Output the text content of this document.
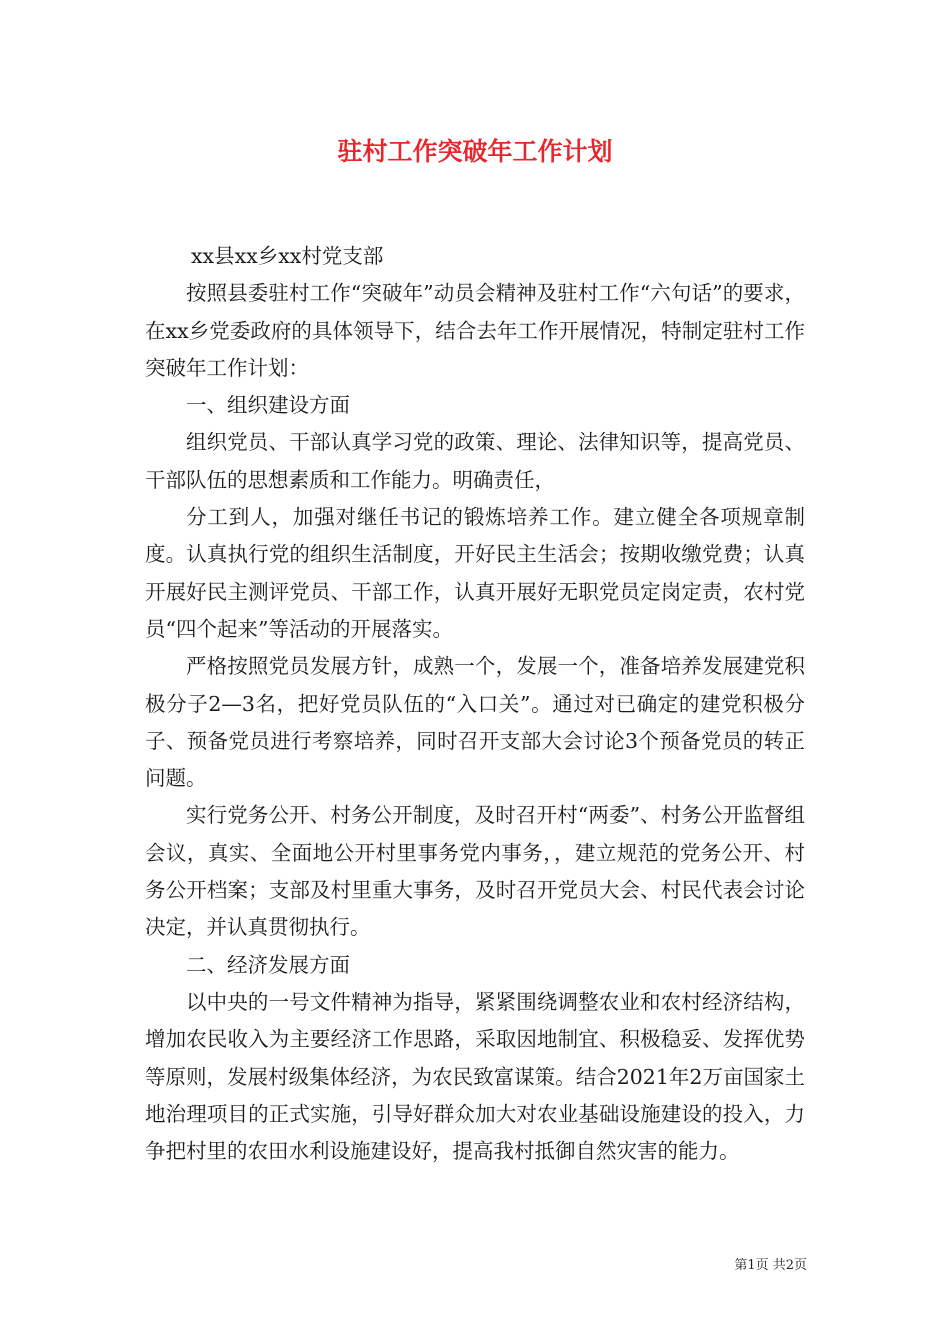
驻村工作突破年工作计划

xx县xx乡xx村党支部

按照县委驻村工作“突破年”动员会精神及驻村工作“六句话”的要求，在xx乡党委政府的具体领导下，结合去年工作开展情况，特制定驻村工作突破年工作计划：

一、组织建设方面

组织党员、干部认真学习党的政策、理论、法律知识等，提高党员、干部队伍的思想素质和工作能力。明确责任，

分工到人，加强对继任书记的锻炼培养工作。建立健全各项规章制度。认真执行党的组织生活制度，开好民主生活会；按期收缴党费；认真开展好民主测评党员、干部工作，认真开展好无职党员定岗定责，农村党员“四个起来”等活动的开展落实。

严格按照党员发展方针，成熟一个，发展一个，准备培养发展建党积极分子2—3名，把好党员队伍的“入口关”。通过对已确定的建党积极分子、预备党员进行考察培养，同时召开支部大会讨论3个预备党员的转正问题。

实行党务公开、村务公开制度，及时召开村“两委”、村务公开监督组会议，真实、全面地公开村里事务党内事务，，建立规范的党务公开、村务公开档案；支部及村里重大事务，及时召开党员大会、村民代表会讨论决定，并认真贯彻执行。

二、经济发展方面

以中央的一号文件精神为指导，紧紧围绕调整农业和农村经济结构，增加农民收入为主要经济工作思路，采取因地制宜、积极稳妥、发挥优势等原则，发展村级集体经济，为农民致富谋策。结合2021年2万亩国家土地治理项目的正式实施，引导好群众加大对农业基础设施建设的投入，力争把村里的农田水利设施建设好，提高我村抵御自然灾害的能力。

第1页 共2页
